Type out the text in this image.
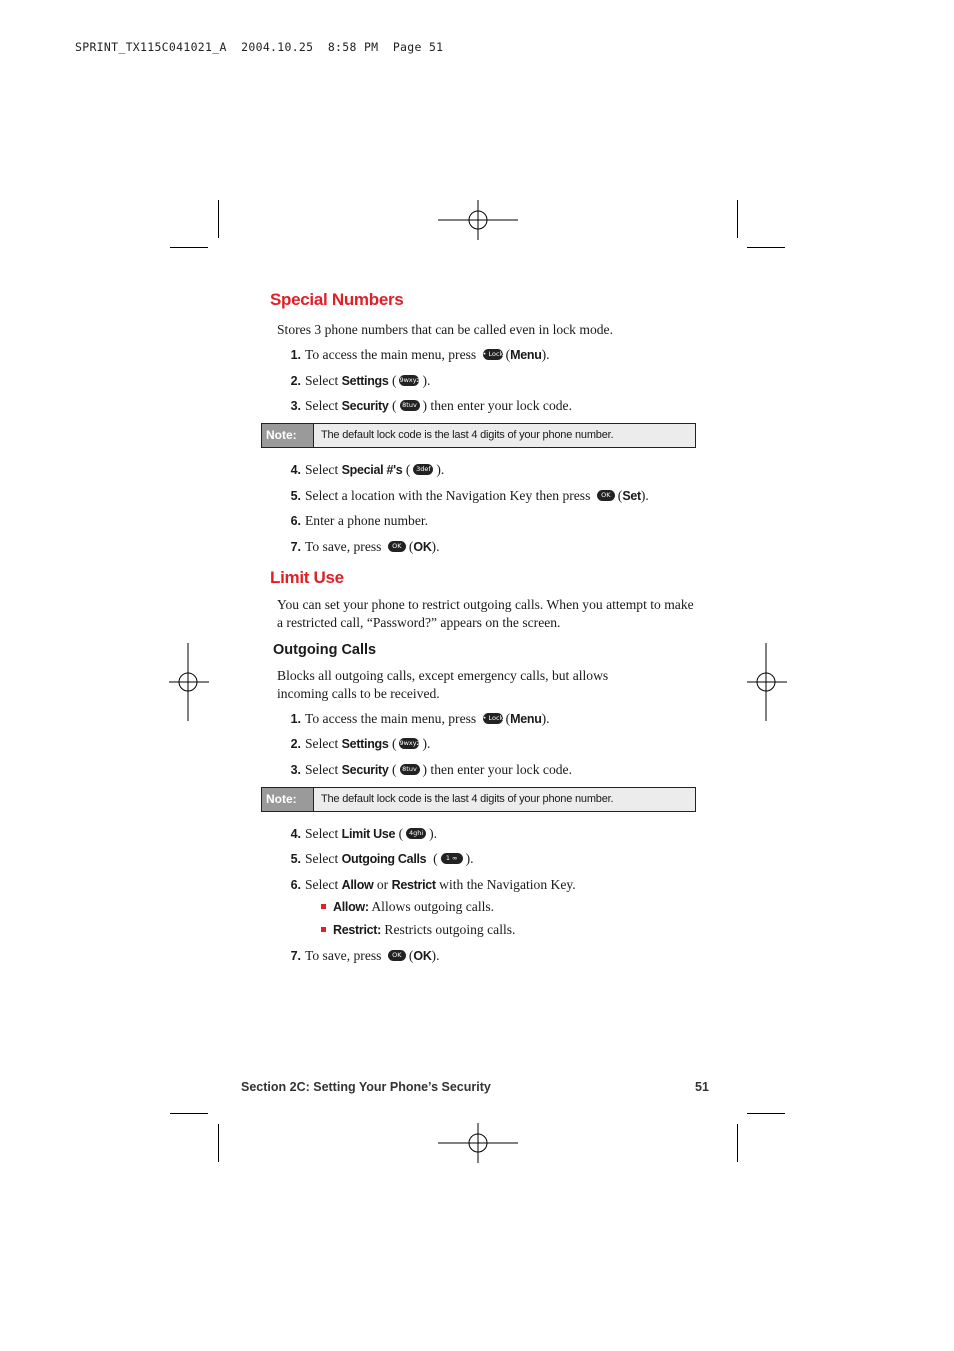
SPRINT_TX115C041021_A  2004.10.25  8:58 PM  Page 51
Special Numbers
Stores 3 phone numbers that can be called even in lock mode.
1. To access the main menu, press • Lock (Menu).
2. Select Settings ( 9wxyz ).
3. Select Security ( 8tuv ) then enter your lock code.
Note:	The default lock code is the last 4 digits of your phone number.
4. Select Special #'s ( 3def ).
5. Select a location with the Navigation Key then press OK (Set).
6. Enter a phone number.
7. To save, press OK (OK).
Limit Use
You can set your phone to restrict outgoing calls. When you attempt to make a restricted call, “Password?” appears on the screen.
Outgoing Calls
Blocks all outgoing calls, except emergency calls, but allows incoming calls to be received.
1. To access the main menu, press • Lock (Menu).
2. Select Settings ( 9wxyz ).
3. Select Security ( 8tuv ) then enter your lock code.
Note:	The default lock code is the last 4 digits of your phone number.
4. Select Limit Use ( 4ghi ).
5. Select Outgoing Calls  ( 1 ∞ ).
6. Select Allow or Restrict with the Navigation Key.
Allow: Allows outgoing calls.
Restrict: Restricts outgoing calls.
7. To save, press OK (OK).
Section 2C: Setting Your Phone’s Security	51
